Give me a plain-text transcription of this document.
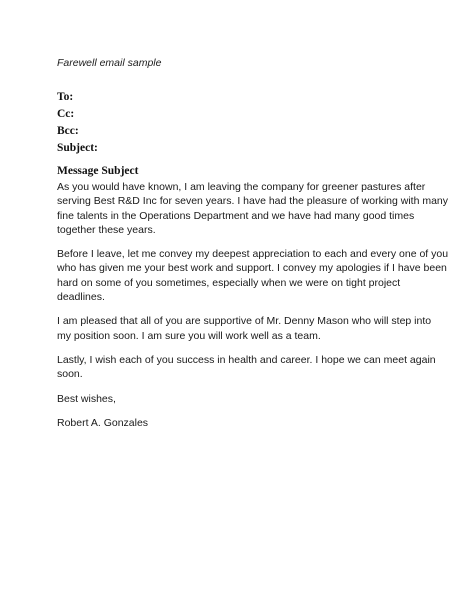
Farewell email sample
To:
Cc:
Bcc:
Subject:
Message Subject

As you would have known, I am leaving the company for greener pastures after
serving Best R&D Inc for seven years. I have had the pleasure of working with many
fine talents in the Operations Department and we have had many good times
together these years.

Before I leave, let me convey my deepest appreciation to each and every one of you
who has given me your best work and support. I convey my apologies if I have been
hard on some of you sometimes, especially when we were on tight project
deadlines.

I am pleased that all of you are supportive of Mr. Denny Mason who will step into
my position soon. I am sure you will work well as a team.

Lastly, I wish each of you success in health and career. I hope we can meet again
soon.

Best wishes,

Robert A. Gonzales
